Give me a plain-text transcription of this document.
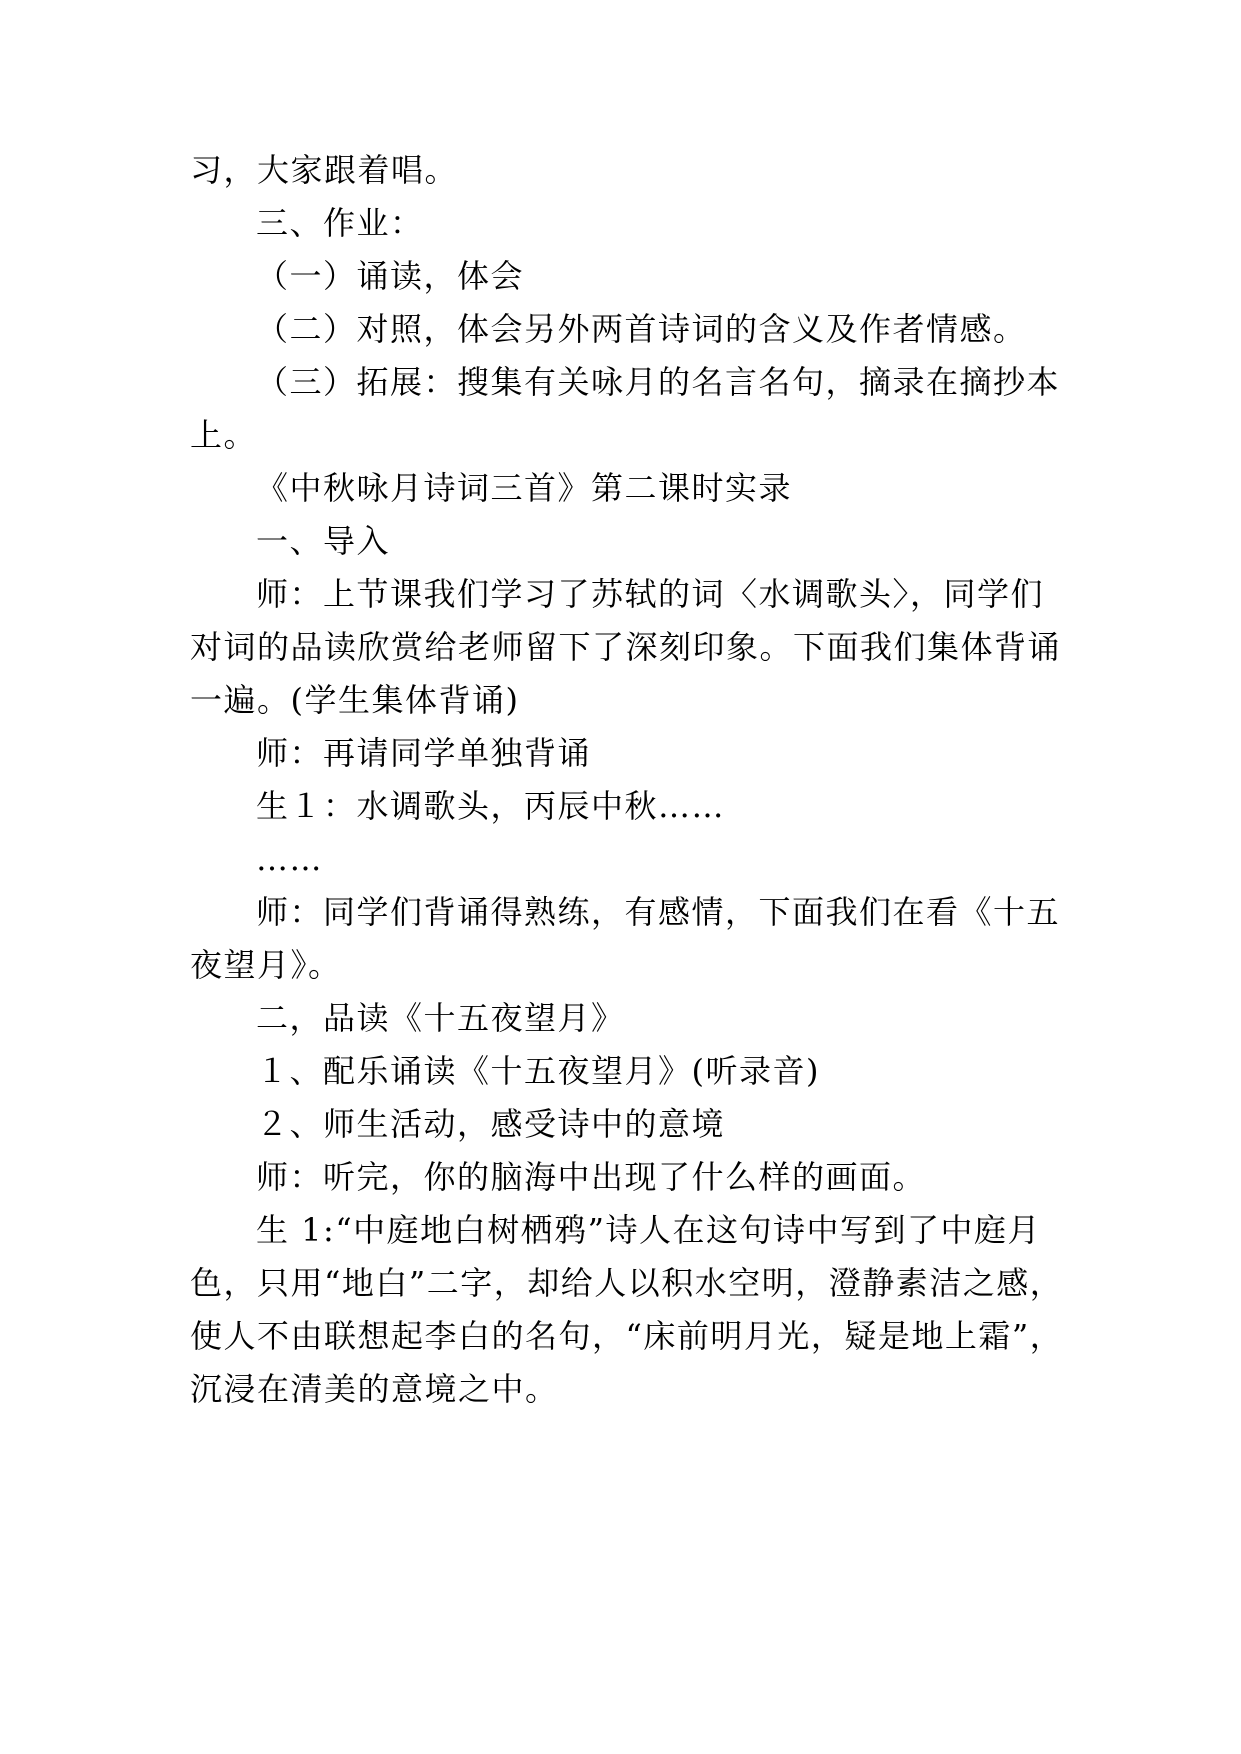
习，大家跟着唱。
三、作业：
（一）诵读，体会
（二）对照，体会另外两首诗词的含义及作者情感。
（三）拓展：搜集有关咏月的名言名句，摘录在摘抄本
上。
《中秋咏月诗词三首》第二课时实录
一、导入
师：上节课我们学习了苏轼的词〈水调歌头〉，同学们
对词的品读欣赏给老师留下了深刻印象。下面我们集体背诵
一遍。(学生集体背诵)
师：再请同学单独背诵
生１：水调歌头，丙辰中秋……
……
师：同学们背诵得熟练，有感情，下面我们在看《十五
夜望月》。
二，品读《十五夜望月》
１、配乐诵读《十五夜望月》(听录音)
２、师生活动，感受诗中的意境
师：听完，你的脑海中出现了什么样的画面。
生 1:“中庭地白树栖鸦”诗人在这句诗中写到了中庭月
色，只用“地白”二字，却给人以积水空明，澄静素洁之感，
使人不由联想起李白的名句，“床前明月光，疑是地上霜”，
沉浸在清美的意境之中。
